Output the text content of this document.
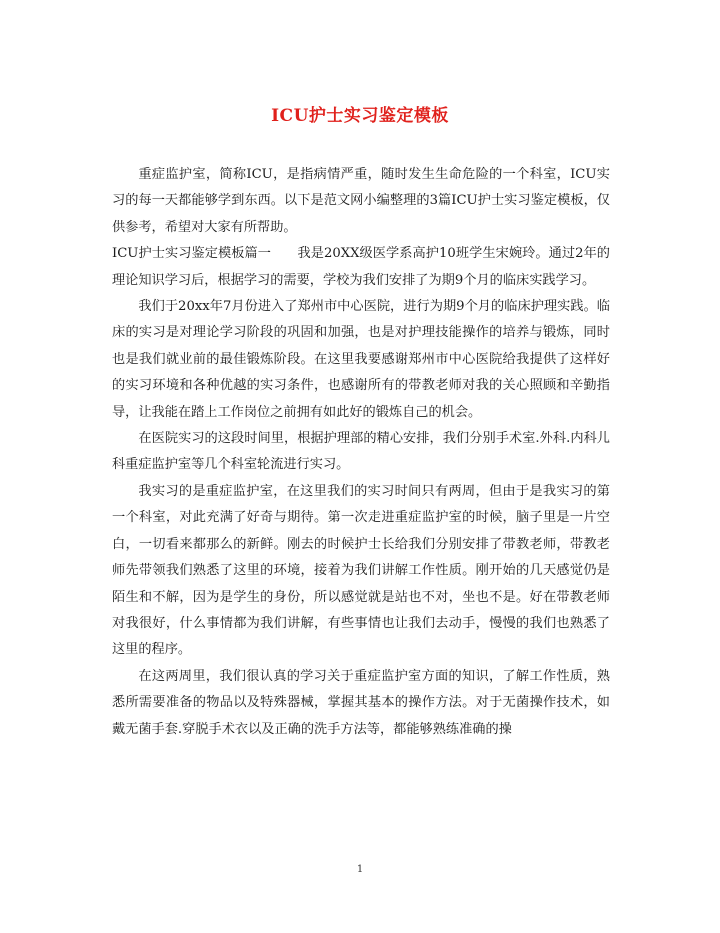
ICU护士实习鉴定模板

重症监护室，简称ICU，是指病情严重，随时发生生命危险的一个科室，ICU实习的每一天都能够学到东西。以下是范文网小编整理的3篇ICU护士实习鉴定模板，仅供参考，希望对大家有所帮助。

ICU护士实习鉴定模板篇一　　我是20XX级医学系高护10班学生宋婉玲。通过2年的理论知识学习后，根据学习的需要，学校为我们安排了为期9个月的临床实践学习。

我们于20xx年7月份进入了郑州市中心医院，进行为期9个月的临床护理实践。临床的实习是对理论学习阶段的巩固和加强，也是对护理技能操作的培养与锻炼，同时也是我们就业前的最佳锻炼阶段。在这里我要感谢郑州市中心医院给我提供了这样好的实习环境和各种优越的实习条件，也感谢所有的带教老师对我的关心照顾和辛勤指导，让我能在踏上工作岗位之前拥有如此好的锻炼自己的机会。

在医院实习的这段时间里，根据护理部的精心安排，我们分别手术室.外科.内科儿科重症监护室等几个科室轮流进行实习。

我实习的是重症监护室，在这里我们的实习时间只有两周，但由于是我实习的第一个科室，对此充满了好奇与期待。第一次走进重症监护室的时候，脑子里是一片空白，一切看来都那么的新鲜。刚去的时候护士长给我们分别安排了带教老师，带教老师先带领我们熟悉了这里的环境，接着为我们讲解工作性质。刚开始的几天感觉仍是陌生和不解，因为是学生的身份，所以感觉就是站也不对，坐也不是。好在带教老师对我很好，什么事情都为我们讲解，有些事情也让我们去动手，慢慢的我们也熟悉了这里的程序。

在这两周里，我们很认真的学习关于重症监护室方面的知识，了解工作性质，熟悉所需要准备的物品以及特殊器械，掌握其基本的操作方法。对于无菌操作技术，如戴无菌手套.穿脱手术衣以及正确的洗手方法等，都能够熟练准确的操

1
